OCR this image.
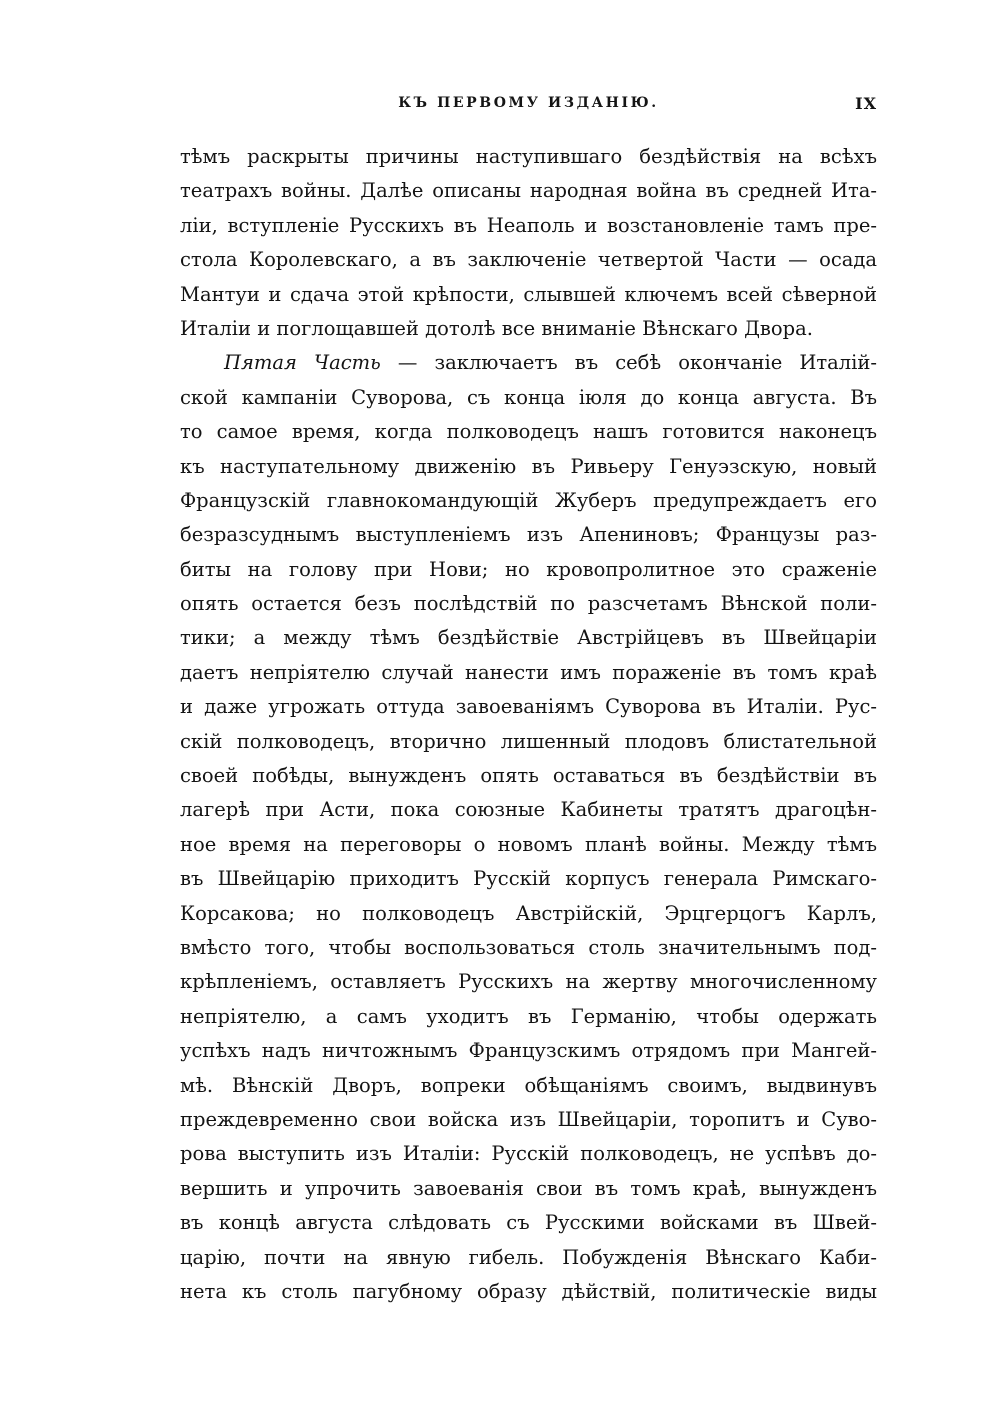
КЪ ПЕРВОМУ ИЗДАНІЮ.	IX
тѣмъ раскрыты причины наступившаго бездѣйствія на всѣхъ
театрахъ войны. Далѣе описаны народная война въ средней Ита-
ліи, вступленіе Русскихъ въ Неаполь и возстановленіе тамъ пре-
стола Королевскаго, а въ заключеніе четвертой Части — осада
Мантуи и сдача этой крѣпости, слывшей ключемъ всей сѣверной
Италіи и поглощавшей дотолѣ все вниманіе Вѣнскаго Двора.
Пятая Часть — заключаетъ въ себѣ окончаніе Италій-
ской кампаніи Суворова, съ конца іюля до конца августа. Въ
то самое время, когда полководецъ нашъ готовится наконецъ
къ наступательному движенію въ Ривьеру Генуэзскую, новый
Французскій главнокомандующій Жуберъ предупреждаетъ его
безразсуднымъ выступленіемъ изъ Апениновъ; Французы раз-
биты на голову при Нови; но кровопролитное это сраженіе
опять остается безъ послѣдствій по разсчетамъ Вѣнской поли-
тики; а между тѣмъ бездѣйствіе Австрійцевъ въ Швейцаріи
даетъ непріятелю случай нанести имъ пораженіе въ томъ краѣ
и даже угрожать оттуда завоеваніямъ Суворова въ Италіи. Рус-
скій полководецъ, вторично лишенный плодовъ блистательной
своей побѣды, вынужденъ опять оставаться въ бездѣйствіи въ
лагерѣ при Асти, пока союзные Кабинеты тратятъ драгоцѣн-
ное время на переговоры о новомъ планѣ войны. Между тѣмъ
въ Швейцарію приходитъ Русскій корпусъ генерала Римскаго-
Корсакова; но полководецъ Австрійскій, Эрцгерцогъ Карлъ,
вмѣсто того, чтобы воспользоваться столь значительнымъ под-
крѣпленіемъ, оставляетъ Русскихъ на жертву многочисленному
непріятелю, а самъ уходитъ въ Германію, чтобы одержать
успѣхъ надъ ничтожнымъ Французскимъ отрядомъ при Мангей-
мѣ. Вѣнскій Дворъ, вопреки обѣщаніямъ своимъ, выдвинувъ
преждевременно свои войска изъ Швейцаріи, торопитъ и Суво-
рова выступить изъ Италіи: Русскій полководецъ, не успѣвъ до-
вершить и упрочить завоеванія свои въ томъ краѣ, вынужденъ
въ концѣ августа слѣдовать съ Русскими войсками въ Швей-
царію, почти на явную гибель. Побужденія Вѣнскаго Каби-
нета къ столь пагубному образу дѣйствій, политическіе виды
